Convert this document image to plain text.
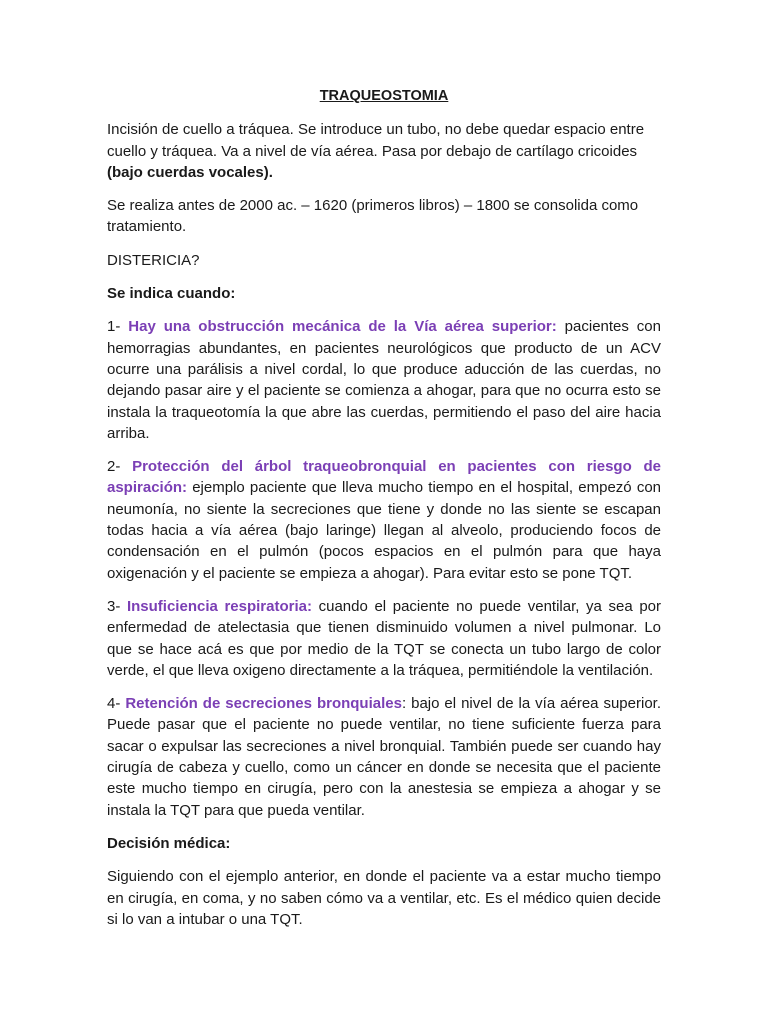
TRAQUEOSTOMIA

Incisión de cuello a tráquea. Se introduce un tubo, no debe quedar espacio entre cuello y tráquea. Va a nivel de vía aérea. Pasa por debajo de cartílago cricoides (bajo cuerdas vocales).

Se realiza antes de 2000 ac. – 1620 (primeros libros) – 1800 se consolida como tratamiento.

DISTERICIA?

Se indica cuando:

1- Hay una obstrucción mecánica de la Vía aérea superior: pacientes con hemorragias abundantes, en pacientes neurológicos que producto de un ACV ocurre una parálisis a nivel cordal, lo que produce aducción de las cuerdas, no dejando pasar aire y el paciente se comienza a ahogar, para que no ocurra esto se instala la traqueotomía la que abre las cuerdas, permitiendo el paso del aire hacia arriba.

2- Protección del árbol traqueobronquial en pacientes con riesgo de aspiración: ejemplo paciente que lleva mucho tiempo en el hospital, empezó con neumonía, no siente la secreciones que tiene y donde no las siente se escapan todas hacia a vía aérea (bajo laringe) llegan al alveolo, produciendo focos de condensación en el pulmón (pocos espacios en el pulmón para que haya oxigenación y el paciente se empieza a ahogar). Para evitar esto se pone TQT.

3- Insuficiencia respiratoria: cuando el paciente no puede ventilar, ya sea por enfermedad de atelectasia que tienen disminuido volumen a nivel pulmonar. Lo que se hace acá es que por medio de la TQT se conecta un tubo largo de color verde, el que lleva oxigeno directamente a la tráquea, permitiéndole la ventilación.

4- Retención de secreciones bronquiales: bajo el nivel de la vía aérea superior. Puede pasar que el paciente no puede ventilar, no tiene suficiente fuerza para sacar o expulsar las secreciones a nivel bronquial. También puede ser cuando hay cirugía de cabeza y cuello, como un cáncer en donde se necesita que el paciente este mucho tiempo en cirugía, pero con la anestesia se empieza a ahogar y se instala la TQT para que pueda ventilar.

Decisión médica:

Siguiendo con el ejemplo anterior, en donde el paciente va a estar mucho tiempo en cirugía, en coma, y no saben cómo va a ventilar, etc. Es el médico quien decide si lo van a intubar o una TQT.
